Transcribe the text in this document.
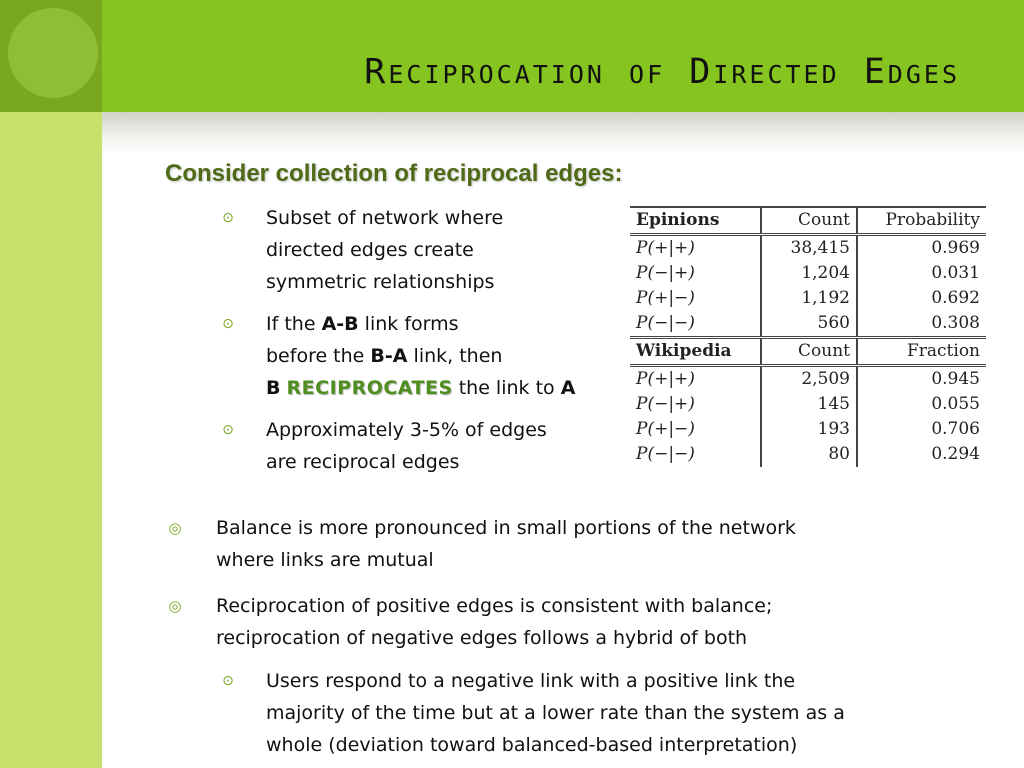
Reciprocation of Directed Edges
Consider collection of reciprocal edges:
⊙ Subset of network where
directed edges create
symmetric relationships
⊙ If the A-B link forms
before the B-A link, then
B RECIPROCATES the link to A
⊙ Approximately 3-5% of edges
are reciprocal edges
Epinions	Count	Probability
P(+|+)	38,415	0.969
P(−|+)	1,204	0.031
P(+|−)	1,192	0.692
P(−|−)	560	0.308
Wikipedia	Count	Fraction
P(+|+)	2,509	0.945
P(−|+)	145	0.055
P(+|−)	193	0.706
P(−|−)	80	0.294
◎ Balance is more pronounced in small portions of the network
where links are mutual
◎ Reciprocation of positive edges is consistent with balance;
reciprocation of negative edges follows a hybrid of both
⊙ Users respond to a negative link with a positive link the
majority of the time but at a lower rate than the system as a
whole (deviation toward balanced-based interpretation)
